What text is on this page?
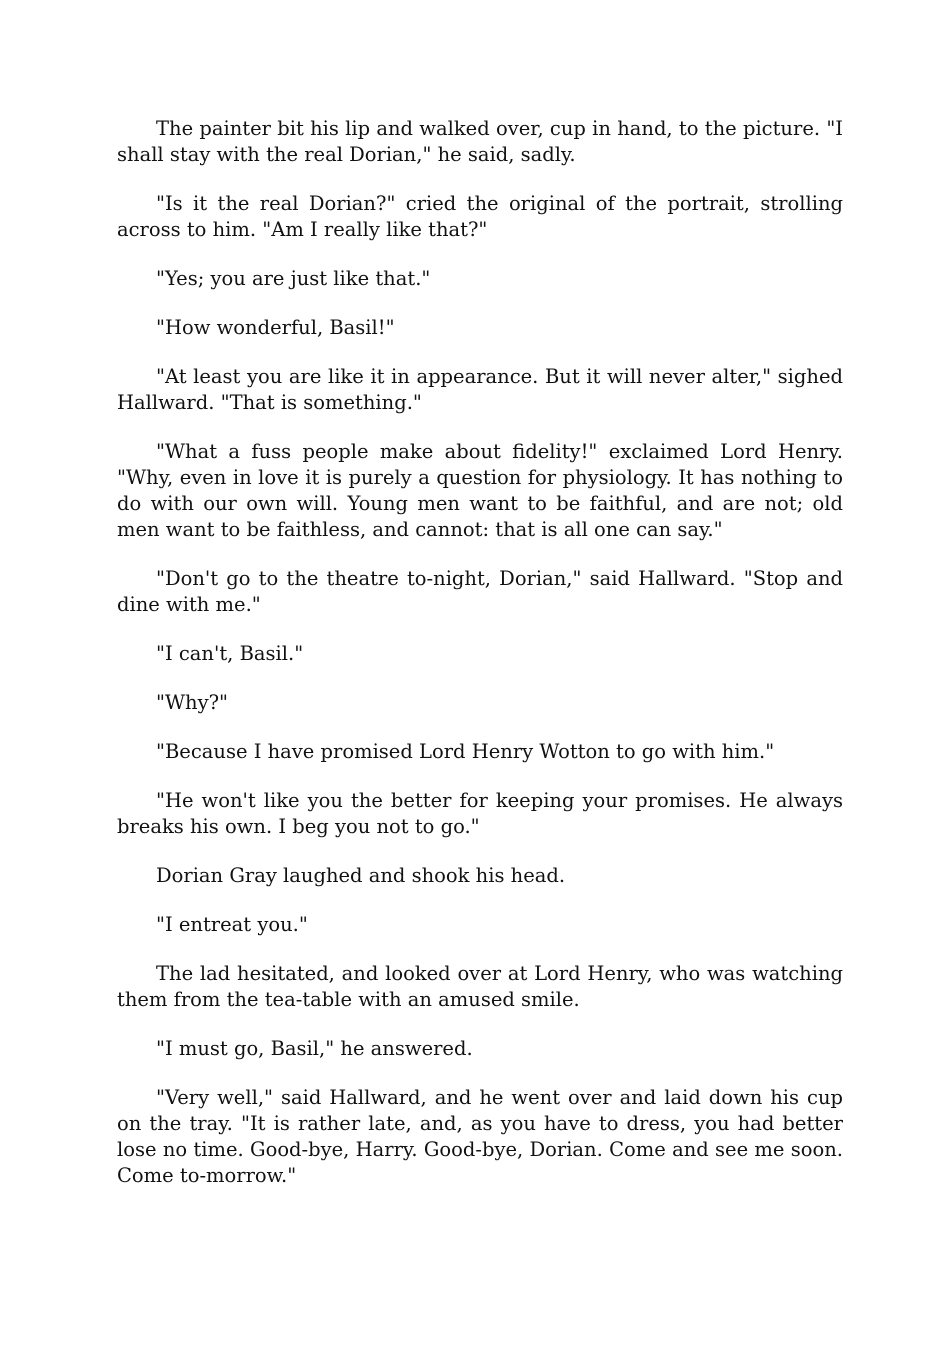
The painter bit his lip and walked over, cup in hand, to the picture. "I shall stay with the real Dorian," he said, sadly.

"Is it the real Dorian?" cried the original of the portrait, strolling across to him. "Am I really like that?"

"Yes; you are just like that."

"How wonderful, Basil!"

"At least you are like it in appearance. But it will never alter," sighed Hallward. "That is something."

"What a fuss people make about fidelity!" exclaimed Lord Henry. "Why, even in love it is purely a question for physiology. It has nothing to do with our own will. Young men want to be faithful, and are not; old men want to be faithless, and cannot: that is all one can say."

"Don't go to the theatre to-night, Dorian," said Hallward. "Stop and dine with me."

"I can't, Basil."

"Why?"

"Because I have promised Lord Henry Wotton to go with him."

"He won't like you the better for keeping your promises. He always breaks his own. I beg you not to go."

Dorian Gray laughed and shook his head.

"I entreat you."

The lad hesitated, and looked over at Lord Henry, who was watching them from the tea-table with an amused smile.

"I must go, Basil," he answered.

"Very well," said Hallward, and he went over and laid down his cup on the tray. "It is rather late, and, as you have to dress, you had better lose no time. Good-bye, Harry. Good-bye, Dorian. Come and see me soon. Come to-morrow."
